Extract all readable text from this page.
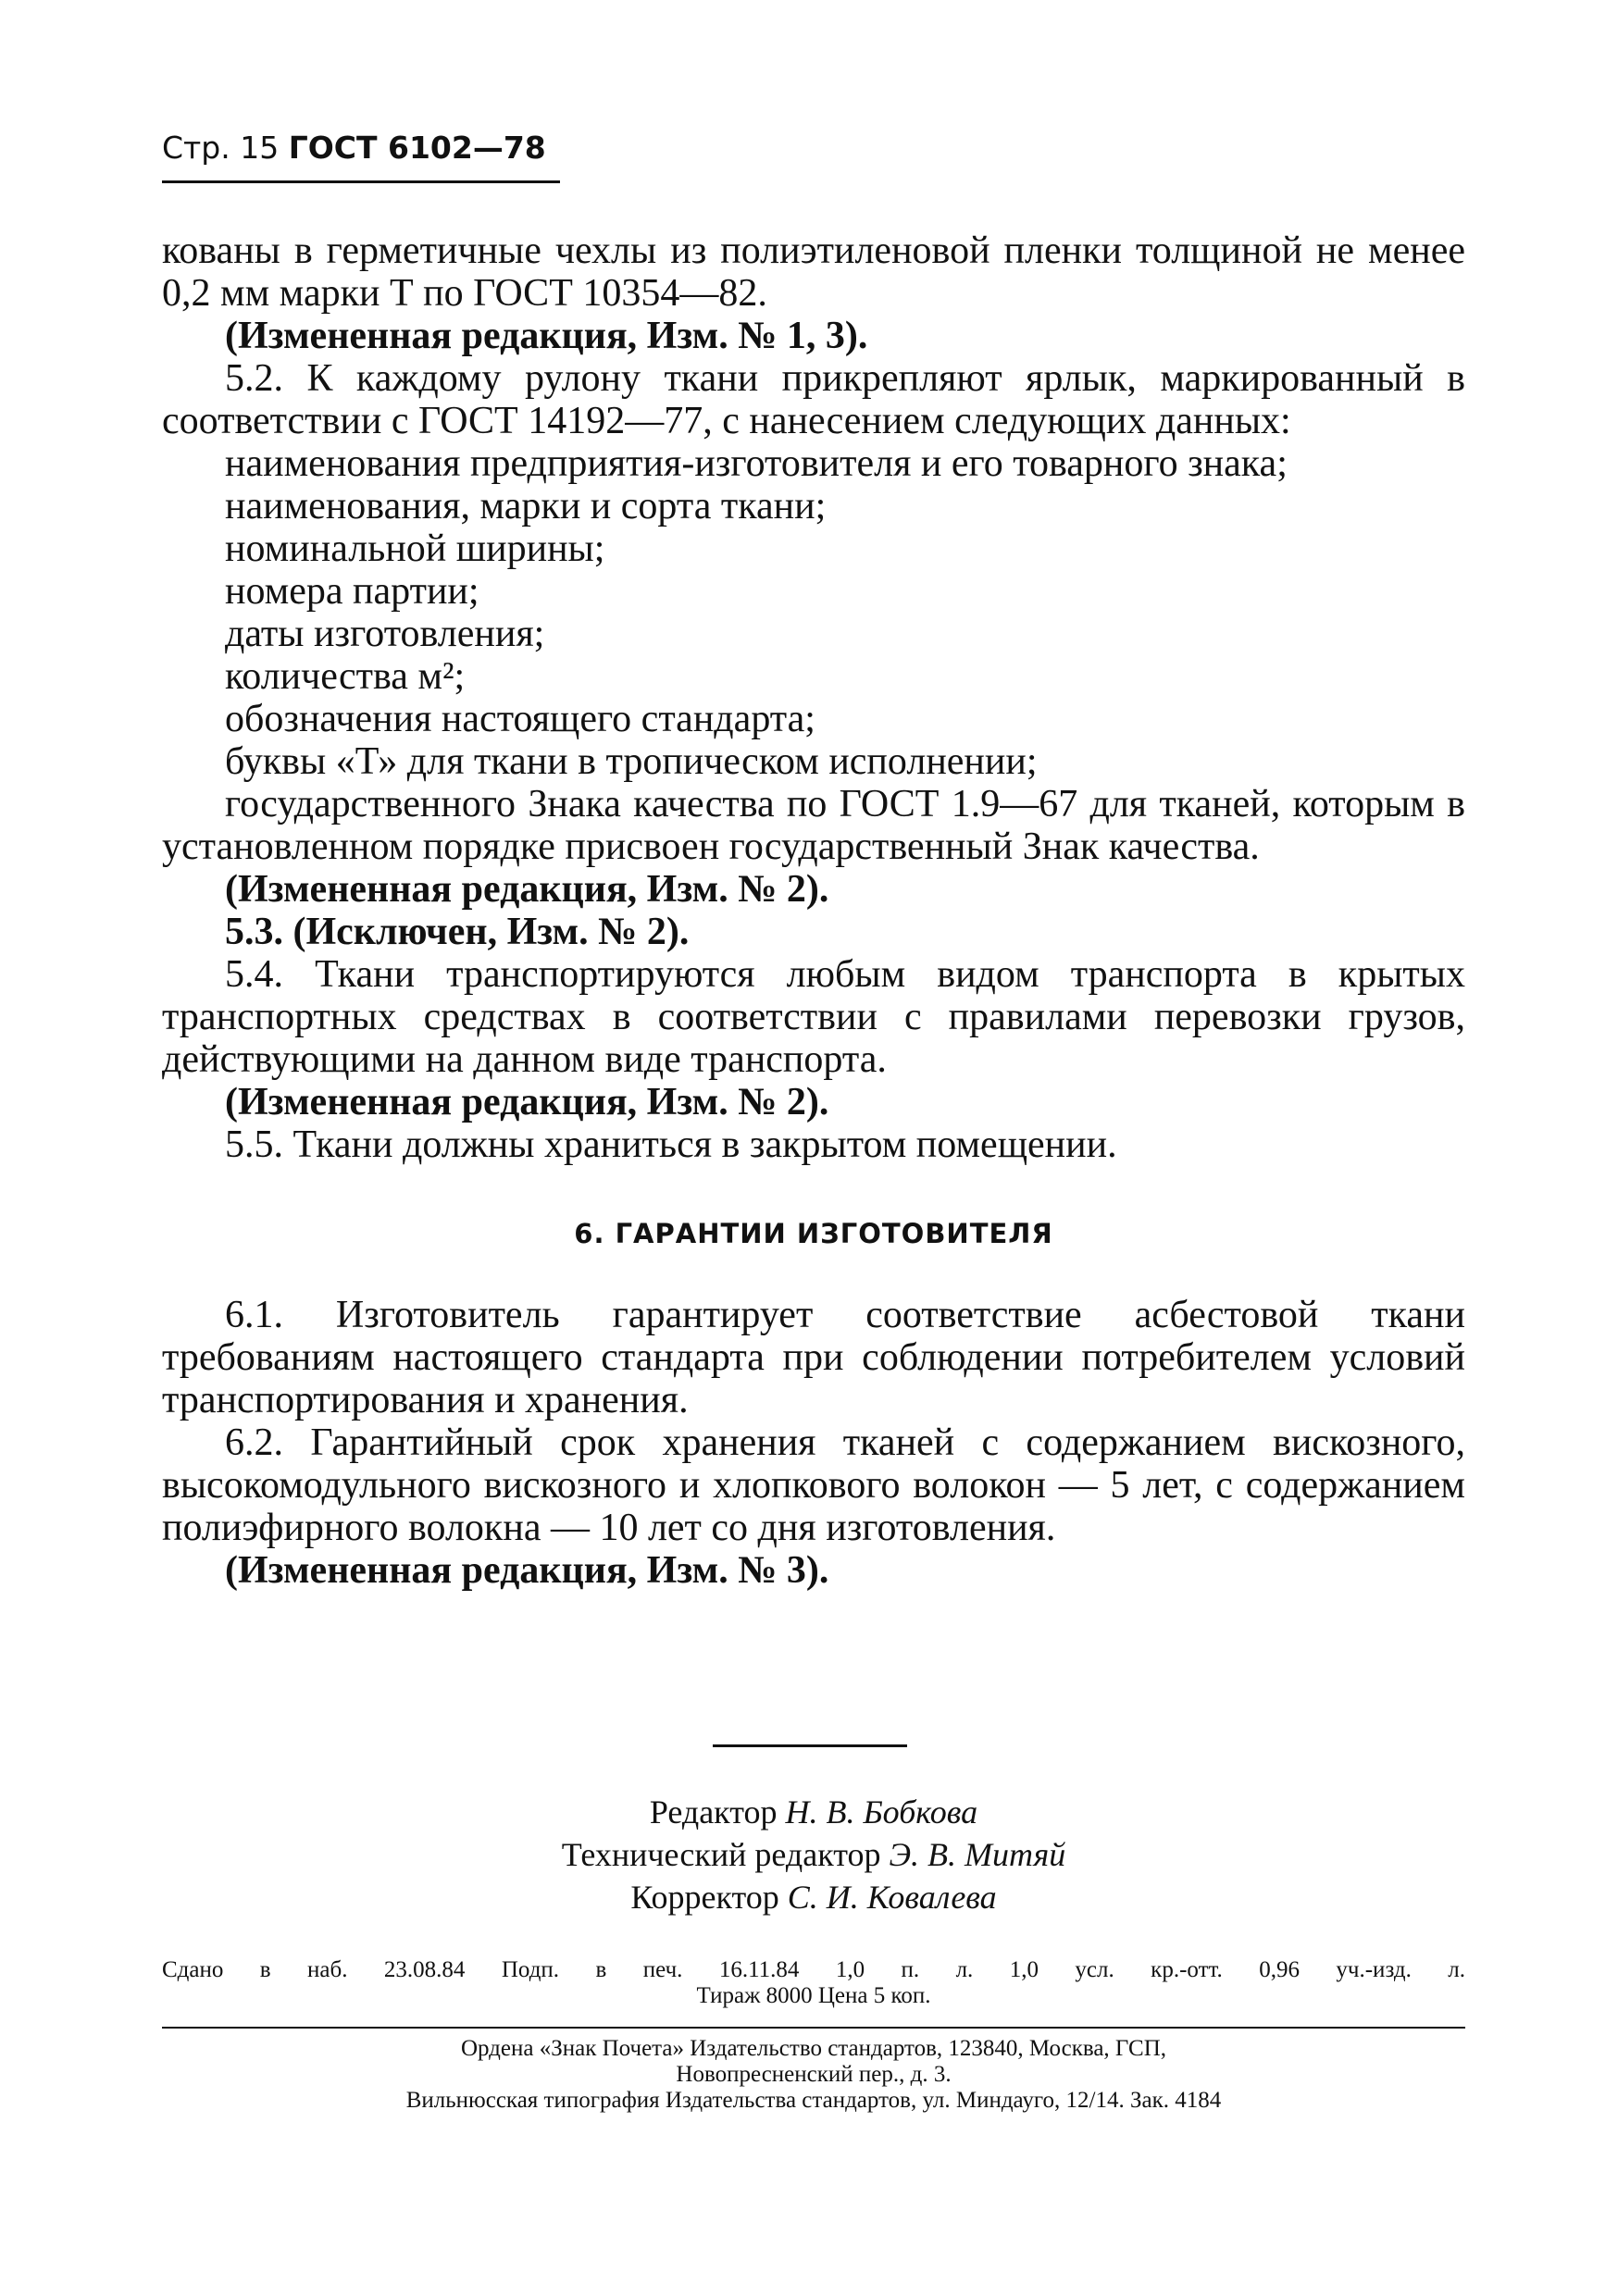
Стр. 15 ГОСТ 6102—78

кованы в герметичные чехлы из полиэтиленовой пленки толщиной не менее 0,2 мм марки Т по ГОСТ 10354—82.

(Измененная редакция, Изм. № 1, 3).

5.2. К каждому рулону ткани прикрепляют ярлык, маркированный в соответствии с ГОСТ 14192—77, с нанесением следующих данных:

наименования предприятия-изготовителя и его товарного знака;

наименования, марки и сорта ткани;

номинальной ширины;

номера партии;

даты изготовления;

количества м²;

обозначения настоящего стандарта;

буквы «Т» для ткани в тропическом исполнении;

государственного Знака качества по ГОСТ 1.9—67 для тканей, которым в установленном порядке присвоен государственный Знак качества.

(Измененная редакция, Изм. № 2).

5.3. (Исключен, Изм. № 2).

5.4. Ткани транспортируются любым видом транспорта в крытых транспортных средствах в соответствии с правилами перевозки грузов, действующими на данном виде транспорта.

(Измененная редакция, Изм. № 2).

5.5. Ткани должны храниться в закрытом помещении.

6. ГАРАНТИИ ИЗГОТОВИТЕЛЯ

6.1. Изготовитель гарантирует соответствие асбестовой ткани требованиям настоящего стандарта при соблюдении потребителем условий транспортирования и хранения.

6.2. Гарантийный срок хранения тканей с содержанием вискозного, высокомодульного вискозного и хлопкового волокон — 5 лет, с содержанием полиэфирного волокна — 10 лет со дня изготовления.

(Измененная редакция, Изм. № 3).

Редактор Н. В. Бобкова
Технический редактор Э. В. Митяй
Корректор С. И. Ковалева
Сдано в наб. 23.08.84 Подп. в печ. 16.11.84 1,0 п. л. 1,0 усл. кр.-отт. 0,96 уч.-изд. л.
Тираж 8000 Цена 5 коп.
Ордена «Знак Почета» Издательство стандартов, 123840, Москва, ГСП,
Новопресненский пер., д. 3.
Вильнюсская типография Издательства стандартов, ул. Миндауго, 12/14. Зак. 4184
